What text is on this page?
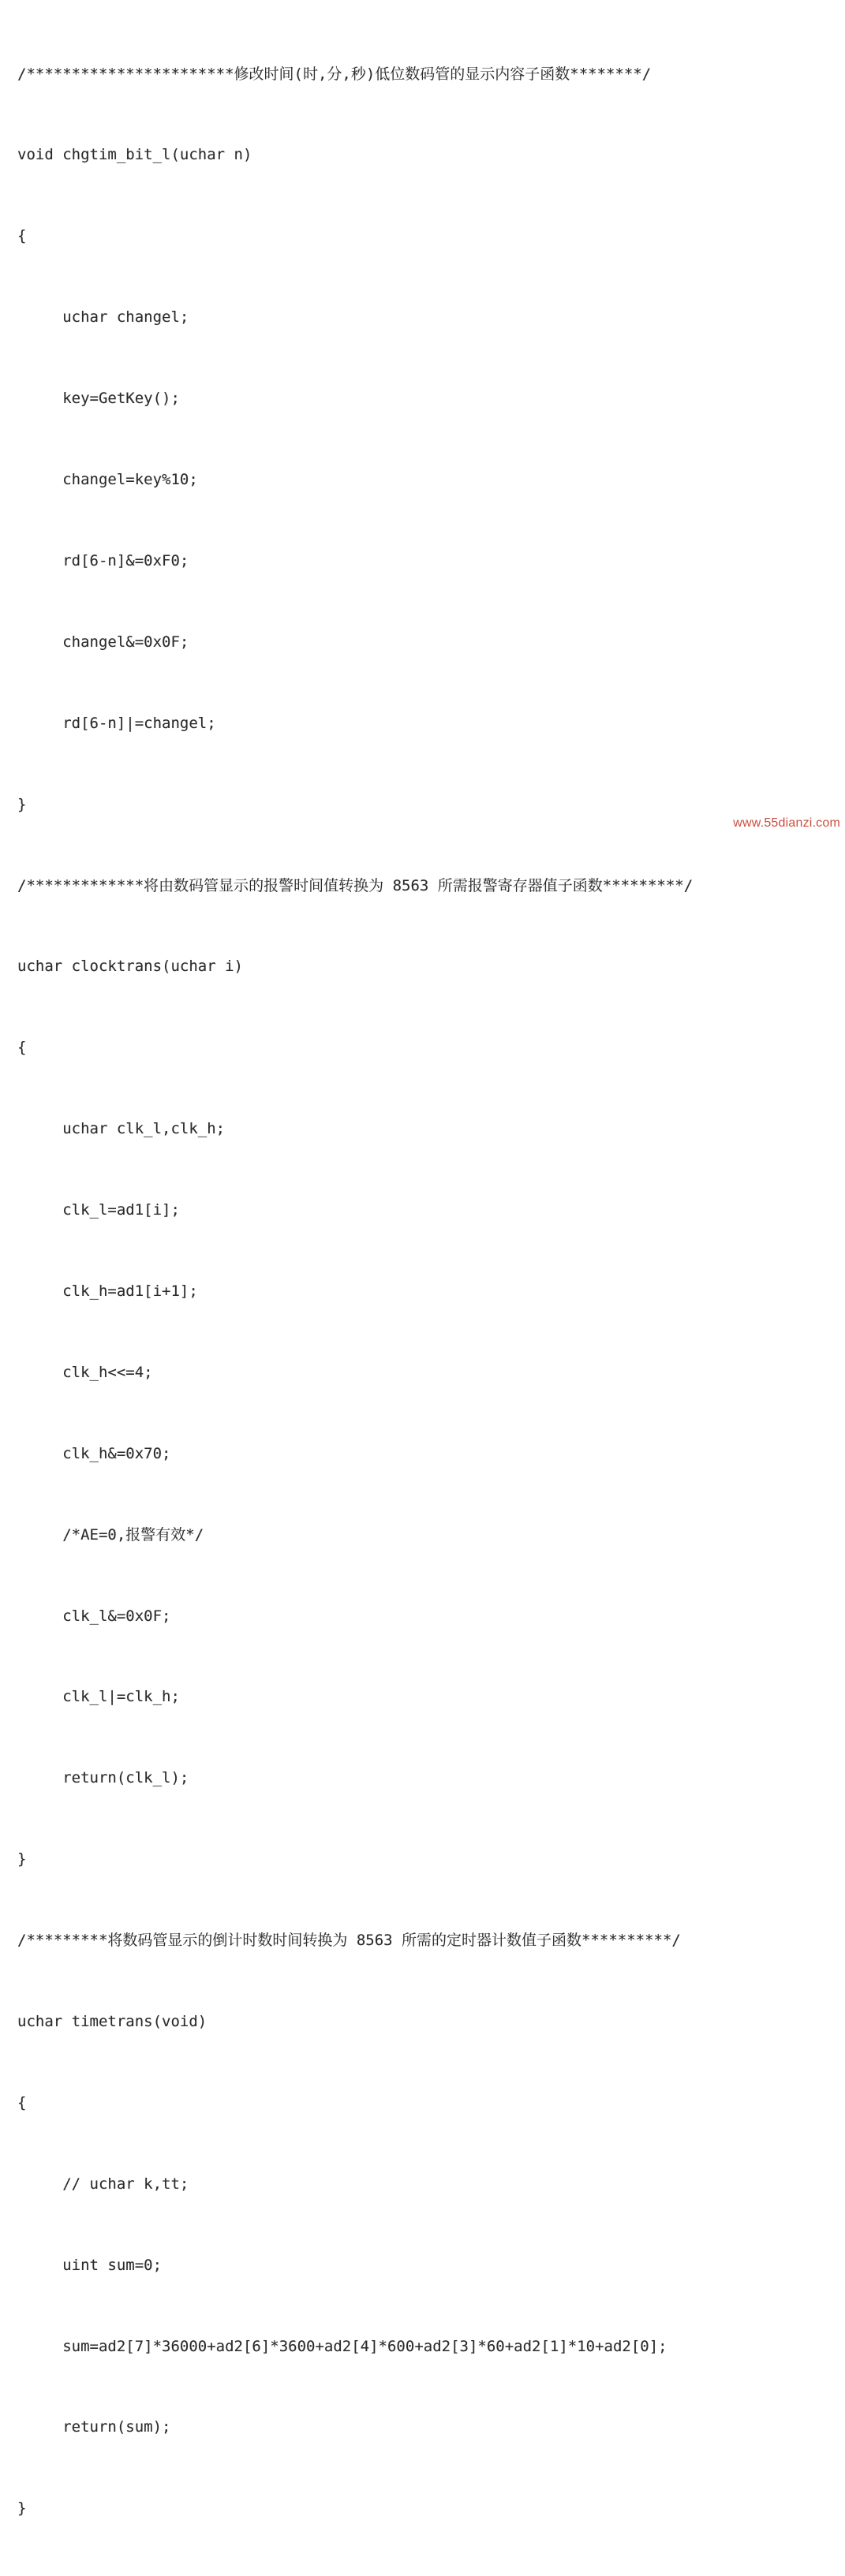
/***********************修改时间(时,分,秒)低位数码管的显示内容子函数********/

void chgtim_bit_l(uchar n)

{

uchar changel;

key=GetKey();

changel=key%10;

rd[6-n]&=0xF0;

changel&=0x0F;

rd[6-n]|=changel;

}

/*************将由数码管显示的报警时间值转换为 8563 所需报警寄存器值子函数*********/

uchar clocktrans(uchar i)

{

uchar clk_l,clk_h;

clk_l=ad1[i];

clk_h=ad1[i+1];

clk_h<<=4;

clk_h&=0x70;

/*AE=0,报警有效*/

clk_l&=0x0F;

clk_l|=clk_h;

return(clk_l);

}

/*********将数码管显示的倒计时数时间转换为 8563 所需的定时器计数值子函数**********/

uchar timetrans(void)

{

// uchar k,tt;

uint sum=0;

sum=ad2[7]*36000+ad2[6]*3600+ad2[4]*600+ad2[3]*60+ad2[1]*10+ad2[0];

return(sum);

}

www.55dianzi.com
